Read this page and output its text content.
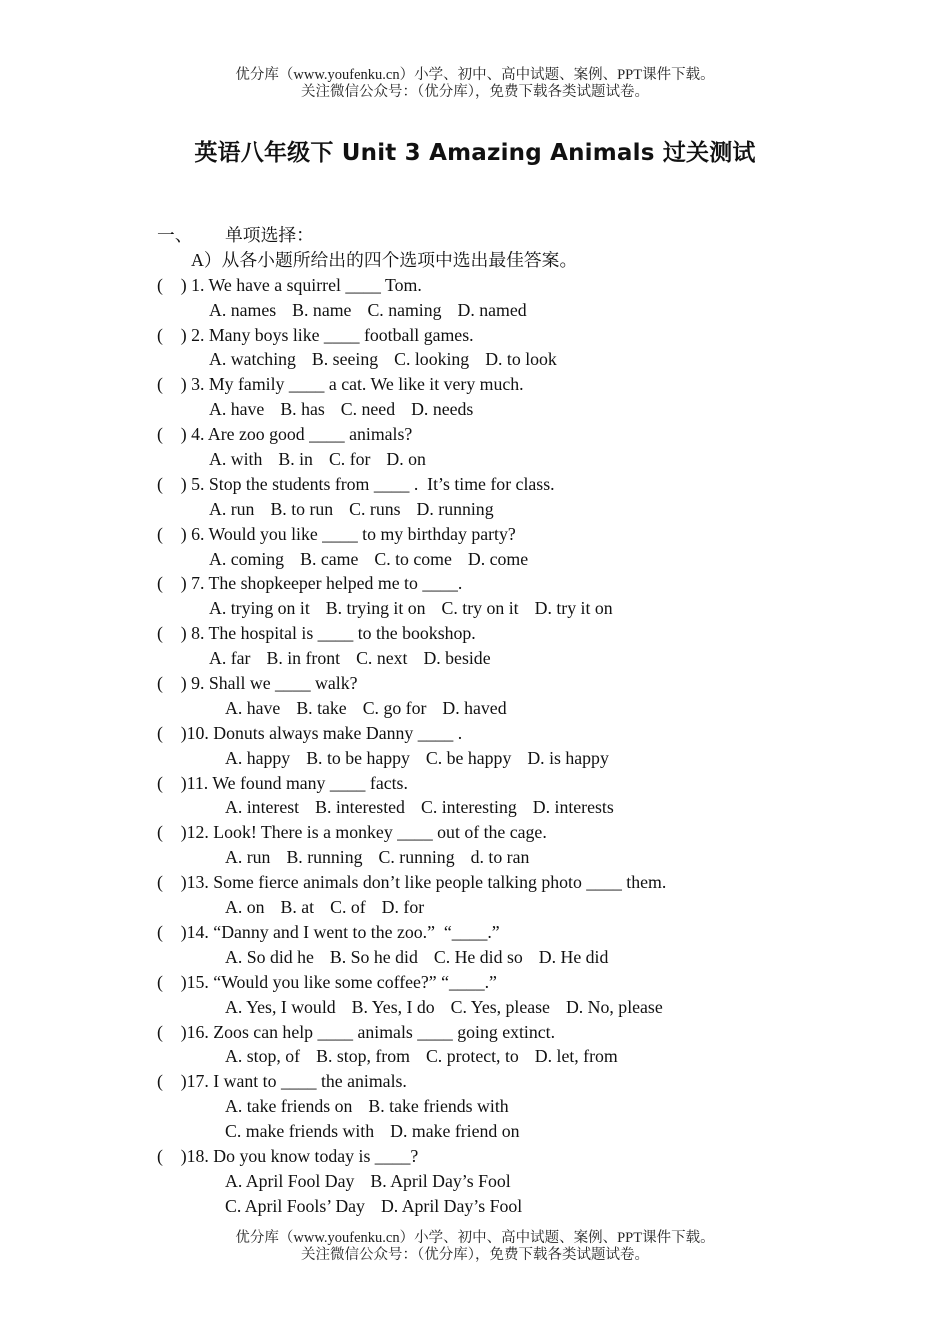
优分库（www.youfenku.cn）小学、初中、高中试题、案例、PPT课件下载。
关注微信公众号：（优分库），免费下载各类试题试卷。
英语八年级下 Unit 3 Amazing Animals 过关测试
一、 单项选择：
A）从各小题所给出的四个选项中选出最佳答案。
(    ) 1. We have a squirrel ____ Tom.
A. names B. name C. naming D. named
(    ) 2. Many boys like ____ football games.
A. watching B. seeing C. looking D. to look
(    ) 3. My family ____ a cat. We like it very much.
A. have B. has C. need D. needs
(    ) 4. Are zoo good ____ animals?
A. with B. in C. for D. on
(    ) 5. Stop the students from ____ .  It’s time for class.
A. run B. to run C. runs D. running
(    ) 6. Would you like ____ to my birthday party?
A. coming B. came C. to come D. come
(    ) 7. The shopkeeper helped me to ____.
A. trying on it B. trying it on C. try on it D. try it on
(    ) 8. The hospital is ____ to the bookshop.
A. far B. in front C. next D. beside
(    ) 9. Shall we ____ walk?
A. have B. take C. go for D. haved
(    )10. Donuts always make Danny ____ .
A. happy B. to be happy C. be happy D. is happy
(    )11. We found many ____ facts.
A. interest B. interested C. interesting D. interests
(    )12. Look! There is a monkey ____ out of the cage.
A. run B. running C. running d. to ran
(    )13. Some fierce animals don’t like people talking photo ____ them.
A. on B. at C. of D. for
(    )14. “Danny and I went to the zoo.”  “____.”
A. So did he B. So he did C. He did so D. He did
(    )15. “Would you like some coffee?” “____.”
A. Yes, I would B. Yes, I do C. Yes, please D. No, please
(    )16. Zoos can help ____ animals ____ going extinct.
A. stop, of B. stop, from C. protect, to D. let, from
(    )17. I want to ____ the animals.
A. take friends on B. take friends with
C. make friends with D. make friend on
(    )18. Do you know today is ____?
A. April Fool Day B. April Day’s Fool
C. April Fools’ Day D. April Day’s Fool
优分库（www.youfenku.cn）小学、初中、高中试题、案例、PPT课件下载。
关注微信公众号：（优分库），免费下载各类试题试卷。
